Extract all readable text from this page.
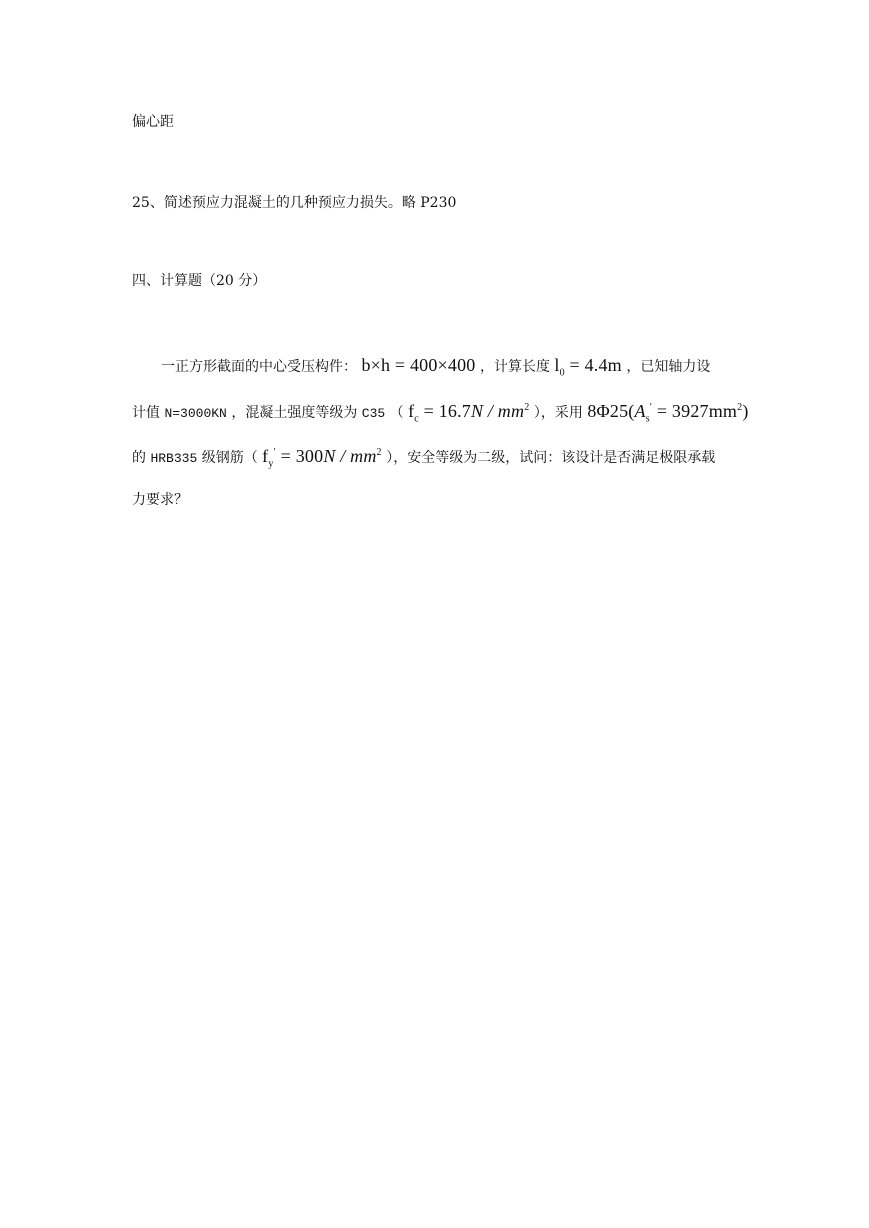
偏心距
25、简述预应力混凝土的几种预应力损失。略 P230
四、计算题（20 分）
一正方形截面的中心受压构件： b×h = 400×400 ，计算长度 $l_0 = 4.4m$ ，已知轴力设
计值 N=3000KN ，混凝土强度等级为 C35 （ $f_c = 16.7N / mm^2$ ），采用 $8\Phi 25(A_s' = 3927mm^2)$
的 HRB335 级钢筋（ $f_y' = 300N / mm^2$ ），安全等级为二级，试问：该设计是否满足极限承载
力要求？
